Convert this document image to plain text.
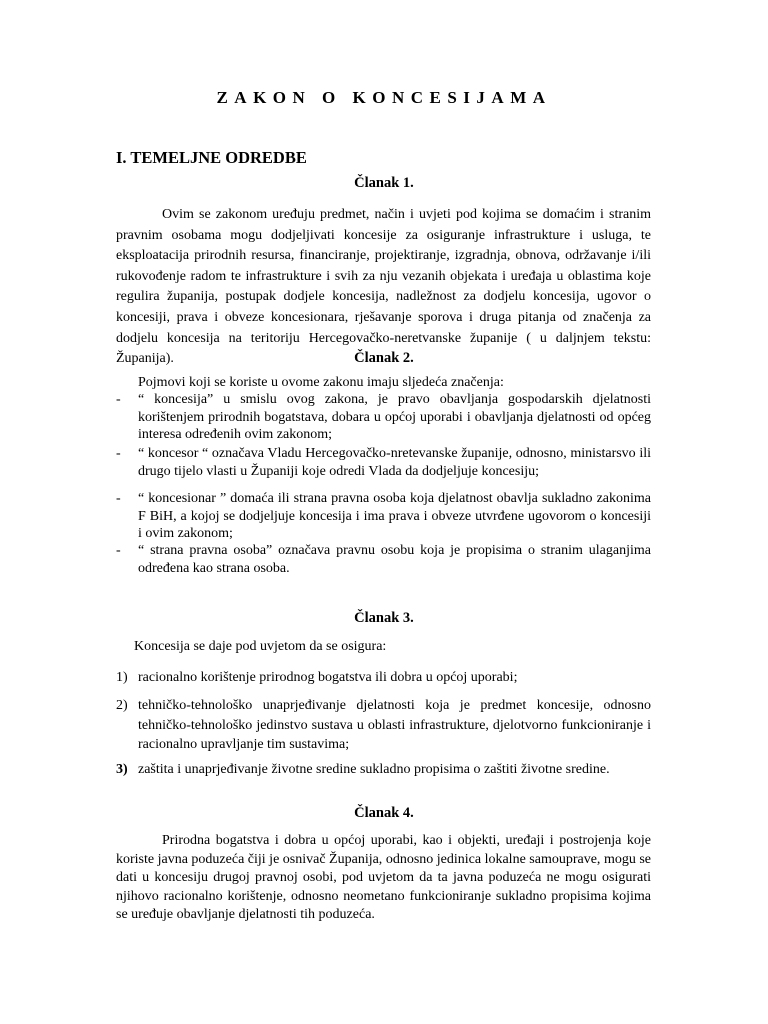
ZAKON O KONCESIJAMA
I. TEMELJNE ODREDBE
Članak 1.
Ovim se zakonom uređuju predmet, način i uvjeti pod kojima se domaćim i stranim pravnim osobama mogu dodjeljivati koncesije za osiguranje infrastrukture i usluga, te eksploatacija prirodnih resursa, financiranje, projektiranje, izgradnja, obnova, održavanje i/ili rukovođenje radom te infrastrukture i svih za nju vezanih objekata i uređaja u oblastima koje regulira županija, postupak dodjele koncesija, nadležnost za dodjelu koncesija, ugovor o koncesiji, prava i obveze koncesionara, rješavanje sporova i druga pitanja od značenja za dodjelu koncesija na teritoriju Hercegovačko-neretvanske županije ( u daljnjem tekstu: Županija).	Članak 2.
Pojmovi koji se koriste u ovome zakonu imaju sljedeća značenja:
- “ koncesija” u smislu ovog zakona, je pravo obavljanja gospodarskih djelatnosti korištenjem prirodnih bogatstava, dobara u općoj uporabi i obavljanja djelatnosti od općeg interesa određenih ovim zakonom;
- “ koncesor “ označava Vladu Hercegovačko-nretevanske županije, odnosno, ministarsvo ili drugo tijelo vlasti u Županiji koje odredi Vlada da dodjeljuje koncesiju;
- “ koncesionar ” domaća ili strana pravna osoba koja djelatnost obavlja sukladno zakonima F BiH, a kojoj se dodjeljuje koncesija i ima prava i obveze utvrđene ugovorom o koncesiji i ovim zakonom;
- “ strana pravna osoba” označava pravnu osobu koja je propisima o stranim ulaganjima određena kao strana osoba.
Članak 3.
Koncesija se daje pod uvjetom da se osigura:
1) racionalno korištenje prirodnog bogatstva ili dobra u općoj uporabi;
2) tehničko-tehnološko unaprjeđivanje djelatnosti koja je predmet koncesije, odnosno tehničko-tehnološko jedinstvo sustava u oblasti infrastrukture, djelotvorno funkcioniranje i racionalno upravljanje tim sustavima;
3) zaštita i unaprjeđivanje životne sredine sukladno propisima o zaštiti životne sredine.
Članak 4.
Prirodna bogatstva i dobra u općoj uporabi, kao i objekti, uređaji i postrojenja koje koriste javna poduzeća čiji je osnivač Županija, odnosno jedinica lokalne samouprave, mogu se dati u koncesiju drugoj pravnoj osobi, pod uvjetom da ta javna poduzeća ne mogu osigurati njihovo racionalno korištenje, odnosno neometano funkcioniranje sukladno propisima kojima se uređuje obavljanje djelatnosti tih poduzeća.
